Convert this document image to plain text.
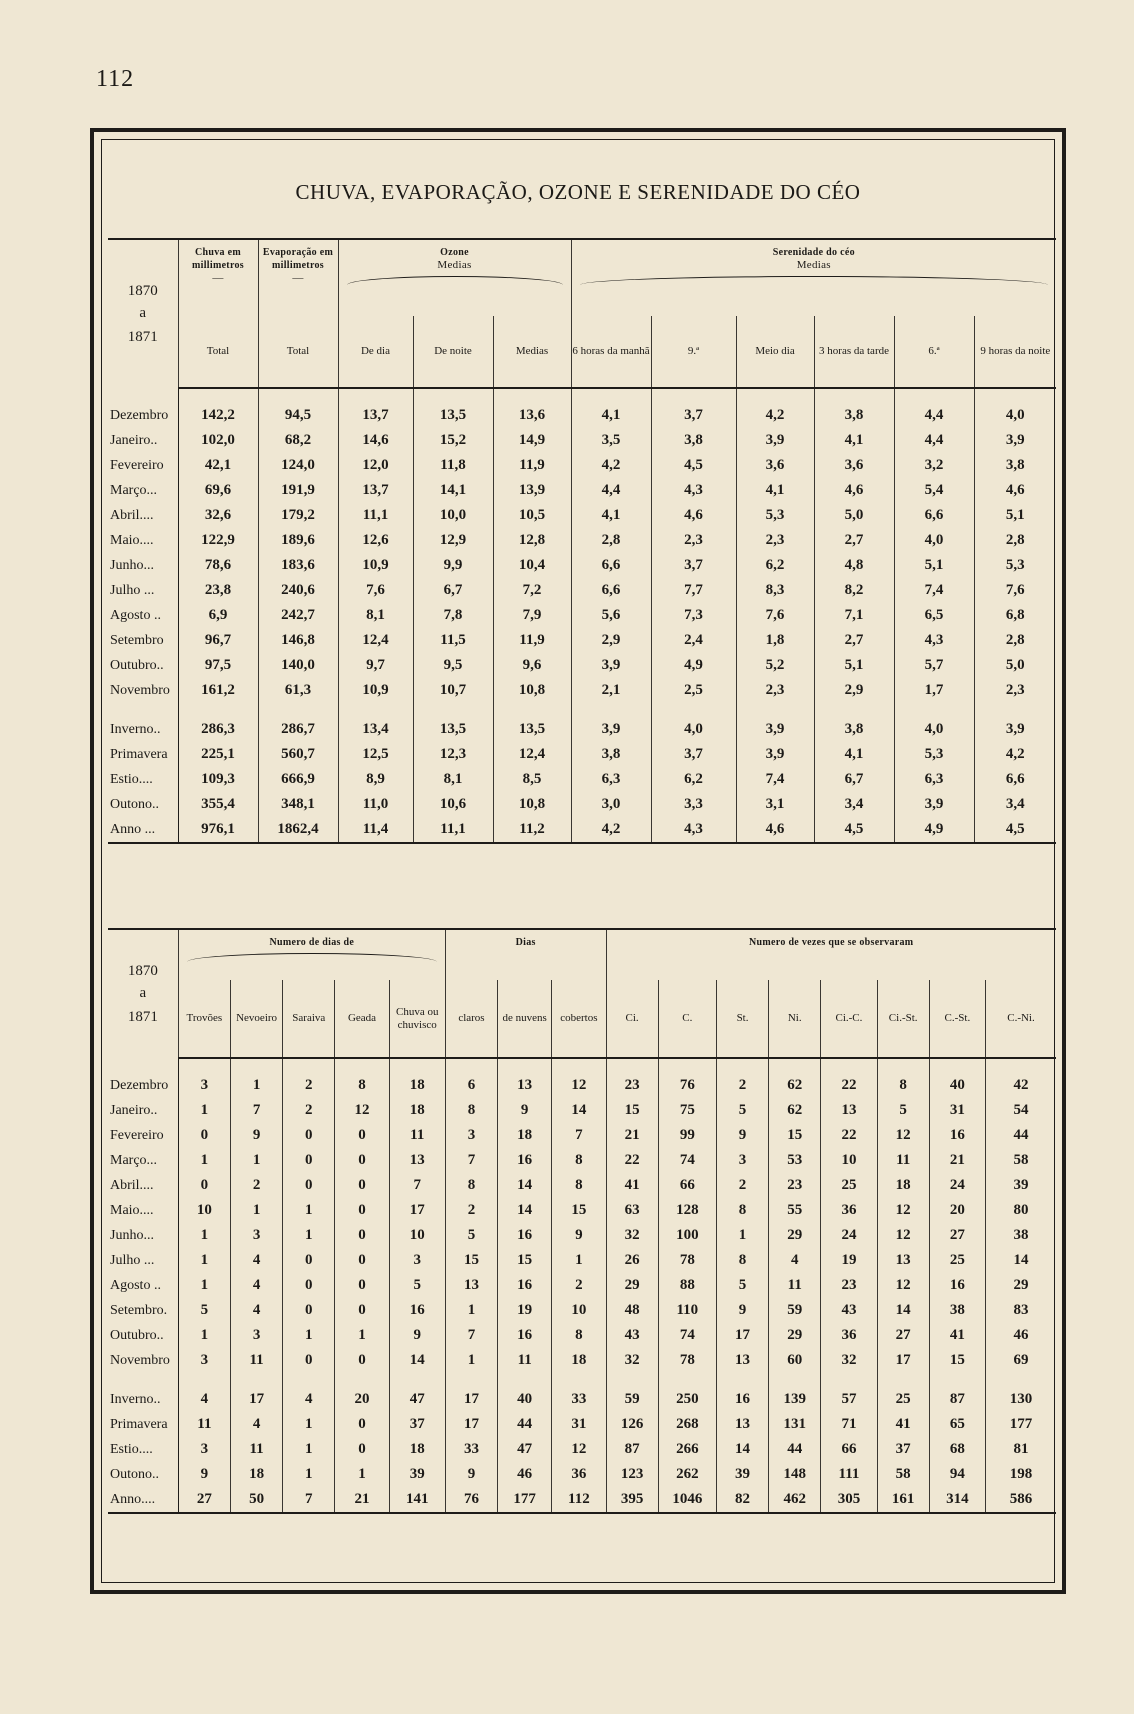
112
CHUVA, EVAPORAÇÃO, OZONE E SERENIDADE DO CÉO
1870
a
1871	Chuva em millimetros
—	Evaporação em millimetros
—	Ozone
Medias			Serenidade do céo
Medias					

	Total	Total	De dia	De noite	Medias	6 horas da manhã	9.ª	Meio dia	3 horas da tarde	6.ª	9 horas da noite

Dezembro	142,2	94,5	13,7	13,5	13,6	4,1	3,7	4,2	3,8	4,4	4,0
Janeiro..	102,0	68,2	14,6	15,2	14,9	3,5	3,8	3,9	4,1	4,4	3,9
Fevereiro	42,1	124,0	12,0	11,8	11,9	4,2	4,5	3,6	3,6	3,2	3,8
Março...	69,6	191,9	13,7	14,1	13,9	4,4	4,3	4,1	4,6	5,4	4,6
Abril....	32,6	179,2	11,1	10,0	10,5	4,1	4,6	5,3	5,0	6,6	5,1
Maio....	122,9	189,6	12,6	12,9	12,8	2,8	2,3	2,3	2,7	4,0	2,8
Junho...	78,6	183,6	10,9	9,9	10,4	6,6	3,7	6,2	4,8	5,1	5,3
Julho ...	23,8	240,6	7,6	6,7	7,2	6,6	7,7	8,3	8,2	7,4	7,6
Agosto ..	6,9	242,7	8,1	7,8	7,9	5,6	7,3	7,6	7,1	6,5	6,8
Setembro	96,7	146,8	12,4	11,5	11,9	2,9	2,4	1,8	2,7	4,3	2,8
Outubro..	97,5	140,0	9,7	9,5	9,6	3,9	4,9	5,2	5,1	5,7	5,0
Novembro	161,2	61,3	10,9	10,7	10,8	2,1	2,5	2,3	2,9	1,7	2,3

Inverno..	286,3	286,7	13,4	13,5	13,5	3,9	4,0	3,9	3,8	4,0	3,9
Primavera	225,1	560,7	12,5	12,3	12,4	3,8	3,7	3,9	4,1	5,3	4,2
Estio....	109,3	666,9	8,9	8,1	8,5	6,3	6,2	7,4	6,7	6,3	6,6
Outono..	355,4	348,1	11,0	10,6	10,8	3,0	3,3	3,1	3,4	3,9	3,4
Anno ...	976,1	1862,4	11,4	11,1	11,2	4,2	4,3	4,6	4,5	4,9	4,5
1870
a
1871	Numero de dias de					Dias			Numero de vezes que se observaram							
	Trovões	Nevoeiro	Saraiva	Geada	Chuva ou chuvisco	claros	de nuvens	cobertos	Ci.	C.	St.	Ni.	Ci.-C.	Ci.-St.	C.-St.	C.-Ni.

Dezembro	3	1	2	8	18	6	13	12	23	76	2	62	22	8	40	42
Janeiro..	1	7	2	12	18	8	9	14	15	75	5	62	13	5	31	54
Fevereiro	0	9	0	0	11	3	18	7	21	99	9	15	22	12	16	44
Março...	1	1	0	0	13	7	16	8	22	74	3	53	10	11	21	58
Abril....	0	2	0	0	7	8	14	8	41	66	2	23	25	18	24	39
Maio....	10	1	1	0	17	2	14	15	63	128	8	55	36	12	20	80
Junho...	1	3	1	0	10	5	16	9	32	100	1	29	24	12	27	38
Julho ...	1	4	0	0	3	15	15	1	26	78	8	4	19	13	25	14
Agosto ..	1	4	0	0	5	13	16	2	29	88	5	11	23	12	16	29
Setembro.	5	4	0	0	16	1	19	10	48	110	9	59	43	14	38	83
Outubro..	1	3	1	1	9	7	16	8	43	74	17	29	36	27	41	46
Novembro	3	11	0	0	14	1	11	18	32	78	13	60	32	17	15	69

Inverno..	4	17	4	20	47	17	40	33	59	250	16	139	57	25	87	130
Primavera	11	4	1	0	37	17	44	31	126	268	13	131	71	41	65	177
Estio....	3	11	1	0	18	33	47	12	87	266	14	44	66	37	68	81
Outono..	9	18	1	1	39	9	46	36	123	262	39	148	111	58	94	198
Anno....	27	50	7	21	141	76	177	112	395	1046	82	462	305	161	314	586
